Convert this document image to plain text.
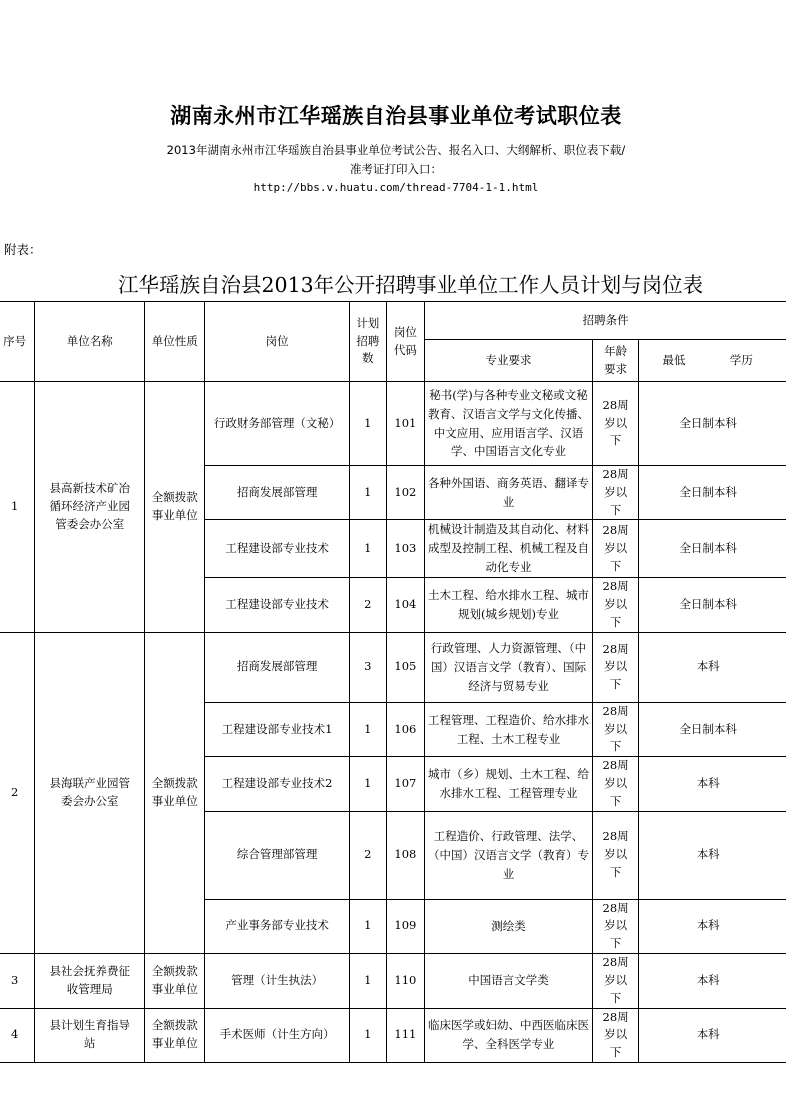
湖南永州市江华瑶族自治县事业单位考试职位表
2013年湖南永州市江华瑶族自治县事业单位考试公告、报名入口、大纲解析、职位表下载/
准考证打印入口：
http://bbs.v.huatu.com/thread-7704-1-1.html
附表：
江华瑶族自治县2013年公开招聘事业单位工作人员计划与岗位表
序号	单位名称	单位性质	岗位	计划招聘数	岗位代码	招聘条件		
						专业要求	年龄要求	最低 学历

1	县高新技术矿冶循环经济产业园管委会办公室	全额拨款事业单位	行政财务部管理（文秘）	1	101	秘书(学)与各种专业文秘或文秘教育、汉语言文学与文化传播、中文应用、应用语言学、汉语学、中国语言文化专业	28周岁以下	全日制本科
			招商发展部管理	1	102	各种外国语、商务英语、翻译专业	28周岁以下	全日制本科
			工程建设部专业技术	1	103	机械设计制造及其自动化、材料成型及控制工程、机械工程及自动化专业	28周岁以下	全日制本科
			工程建设部专业技术	2	104	土木工程、给水排水工程、城市规划(城乡规划)专业	28周岁以下	全日制本科
2	县海联产业园管委会办公室	全额拨款事业单位	招商发展部管理	3	105	行政管理、人力资源管理、（中国）汉语言文学（教育）、国际经济与贸易专业	28周岁以下	本科
			工程建设部专业技术1	1	106	工程管理、工程造价、给水排水工程、土木工程专业	28周岁以下	全日制本科
			工程建设部专业技术2	1	107	城市（乡）规划、土木工程、给水排水工程、工程管理专业	28周岁以下	本科
			综合管理部管理	2	108	工程造价、行政管理、法学、（中国）汉语言文学（教育）专业	28周岁以下	本科
			产业事务部专业技术	1	109	测绘类	28周岁以下	本科
3	县社会抚养费征收管理局	全额拨款事业单位	管理（计生执法）	1	110	中国语言文学类	28周岁以下	本科
4	县计划生育指导站	全额拨款事业单位	手术医师（计生方向）	1	111	临床医学或妇幼、中西医临床医学、全科医学专业	28周岁以下	本科
